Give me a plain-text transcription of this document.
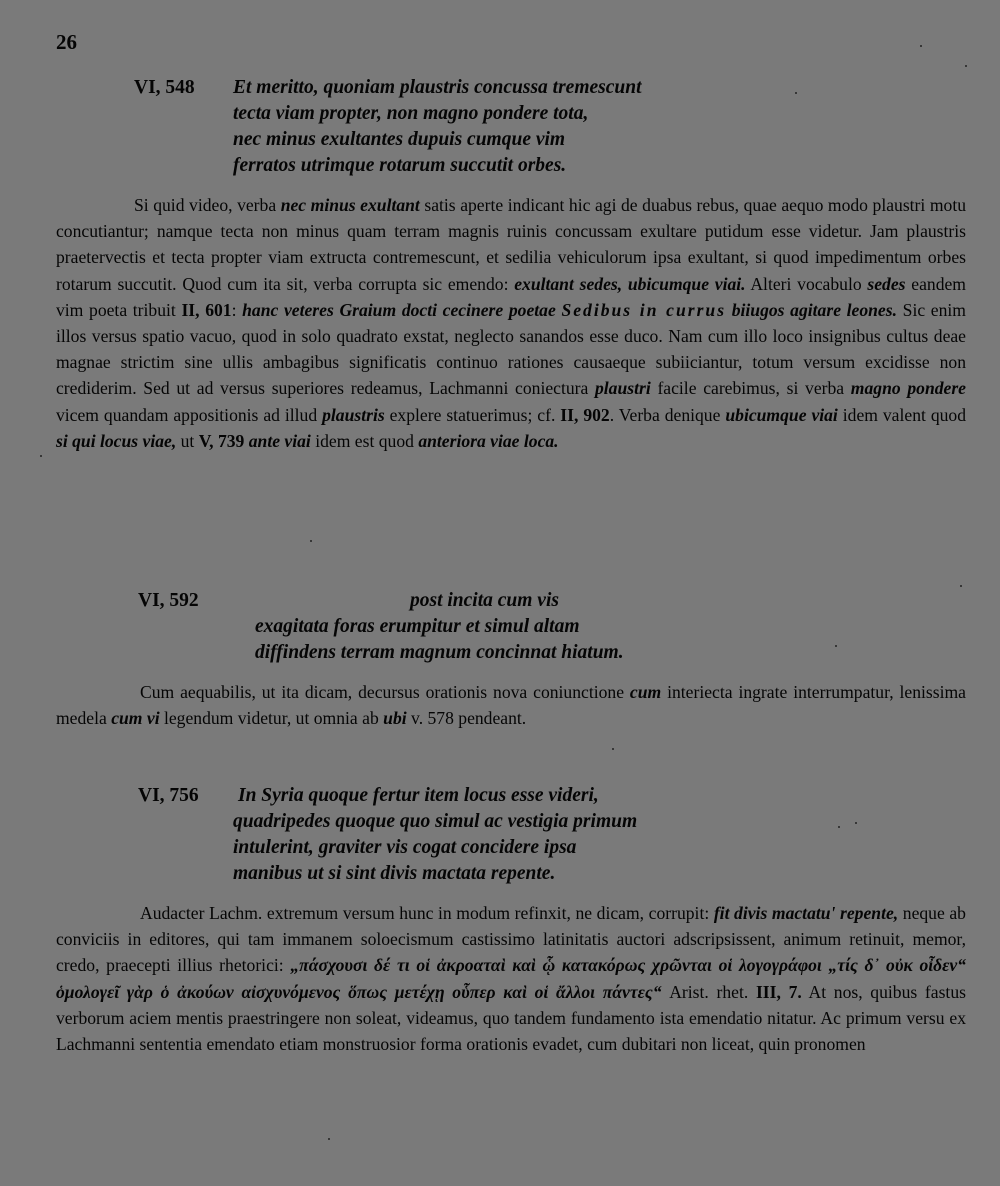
26
VI, 548 Et meritto, quoniam plaustris concussa tremescunt
tecta viam propter, non magno pondere tota,
nec minus exultantes dupuis cumque vim
ferratos utrimque rotarum succutit orbes.

Si quid video, verba nec minus exultant satis aperte indicant hic agi de duabus rebus, quae aequo modo plaustri motu concutiantur; namque tecta non minus quam terram magnis ruinis concussam exultare putidum esse videtur. Jam plaustris praetervectis et tecta propter viam extructa contremescunt, et sedilia vehiculorum ipsa exultant, si quod impedimentum orbes rotarum succutit. Quod cum ita sit, verba corrupta sic emendo: exultant sedes, ubicumque viai. Alteri vocabulo sedes eandem vim poeta tribuit II, 601: hanc veteres Graium docti cecinere poetae Sedibus in currus biiugos agitare leones. Sic enim illos versus spatio vacuo, quod in solo quadrato exstat, neglecto sanandos esse duco. Nam cum illo loco insignibus cultus deae magnae strictim sine ullis ambagibus significatis continuo rationes causaeque subiiciantur, totum versum excidisse non crediderim. Sed ut ad versus superiores redeamus, Lachmanni coniectura plaustri facile carebimus, si verba magno pondere vicem quandam appositionis ad illud plaustris explere statuerimus; cf. II, 902. Verba denique ubicumque viai idem valent quod si qui locus viae, ut V, 739 ante viai idem est quod anteriora viae loca.

VI, 592	post incita cum vis
exagitata foras erumpitur et simul altam
diffindens terram magnum concinnat hiatum.

Cum aequabilis, ut ita dicam, decursus orationis nova coniunctione cum interiecta ingrate interrumpatur, lenissima medela cum vi legendum videtur, ut omnia ab ubi v. 578 pendeant.

VI, 756 In Syria quoque fertur item locus esse videri,
quadripedes quoque quo simul ac vestigia primum
intulerint, graviter vis cogat concidere ipsa
manibus ut si sint divis mactata repente.

Audacter Lachm. extremum versum hunc in modum refinxit, ne dicam, corrupit: fit divis mactatu' repente, neque ab conviciis in editores, qui tam immanem soloecismum castissimo latinitatis auctori adscripsissent, animum retinuit, memor, credo, praecepti illius rhetorici: „πάσχουσι δέ τι οἱ ἀκροαταὶ καὶ ᾧ κατακόρως χρῶνται οἱ λογογράφοι „τίς δ᾽ οὐκ οἶδεν“ ὁμολογεῖ γὰρ ὁ ἀκούων αἰσχυνόμενος ὅπως μετέχῃ οὗπερ καὶ οἱ ἄλλοι πάντες“ Arist. rhet. III, 7. At nos, quibus fastus verborum aciem mentis praestringere non soleat, videamus, quo tandem fundamento ista emendatio nitatur. Ac primum versu ex Lachmanni sententia emendato etiam monstruosior forma orationis evadet, cum dubitari non liceat, quin pronomen
